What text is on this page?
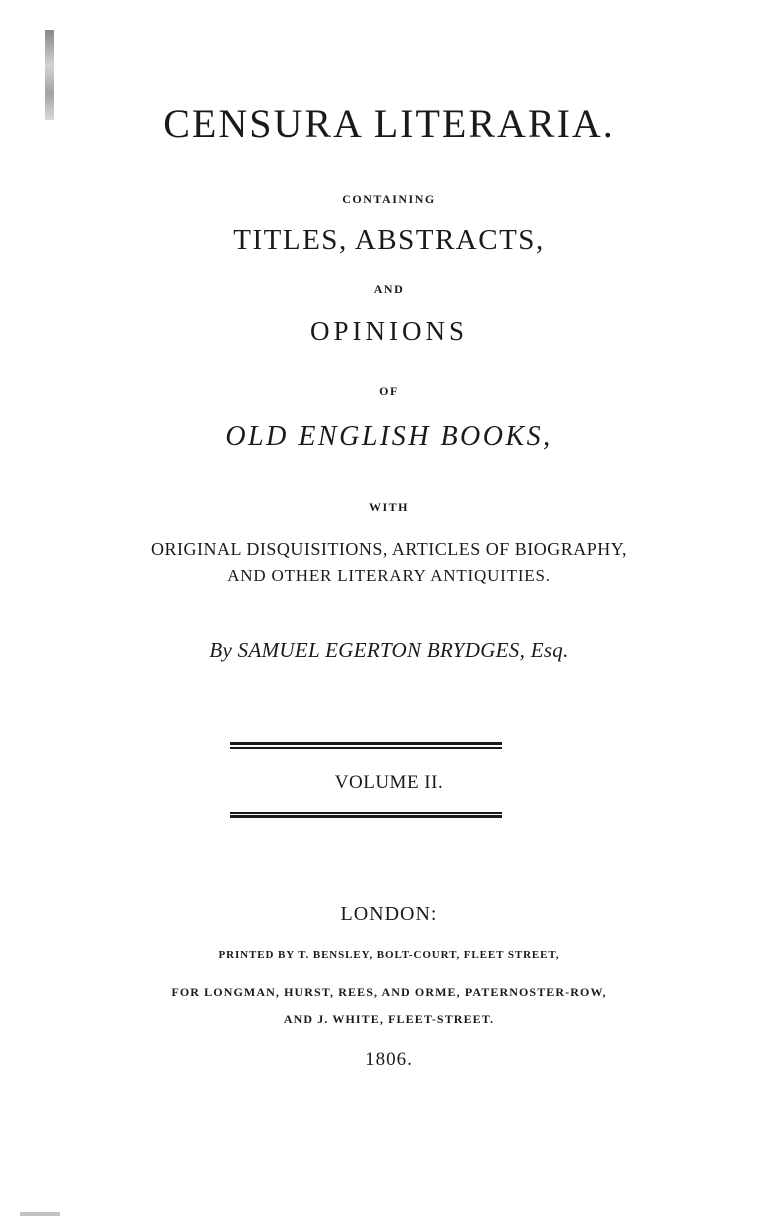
CENSURA LITERARIA.

CONTAINING

TITLES, ABSTRACTS,

AND

OPINIONS

OF

OLD ENGLISH BOOKS,

WITH

ORIGINAL DISQUISITIONS, ARTICLES OF BIOGRAPHY,

AND OTHER LITERARY ANTIQUITIES.

By SAMUEL EGERTON BRYDGES, Esq.

VOLUME II.

LONDON:

PRINTED BY T. BENSLEY, BOLT-COURT, FLEET STREET,

FOR LONGMAN, HURST, REES, AND ORME, PATERNOSTER-ROW,

AND J. WHITE, FLEET-STREET.

1806.
